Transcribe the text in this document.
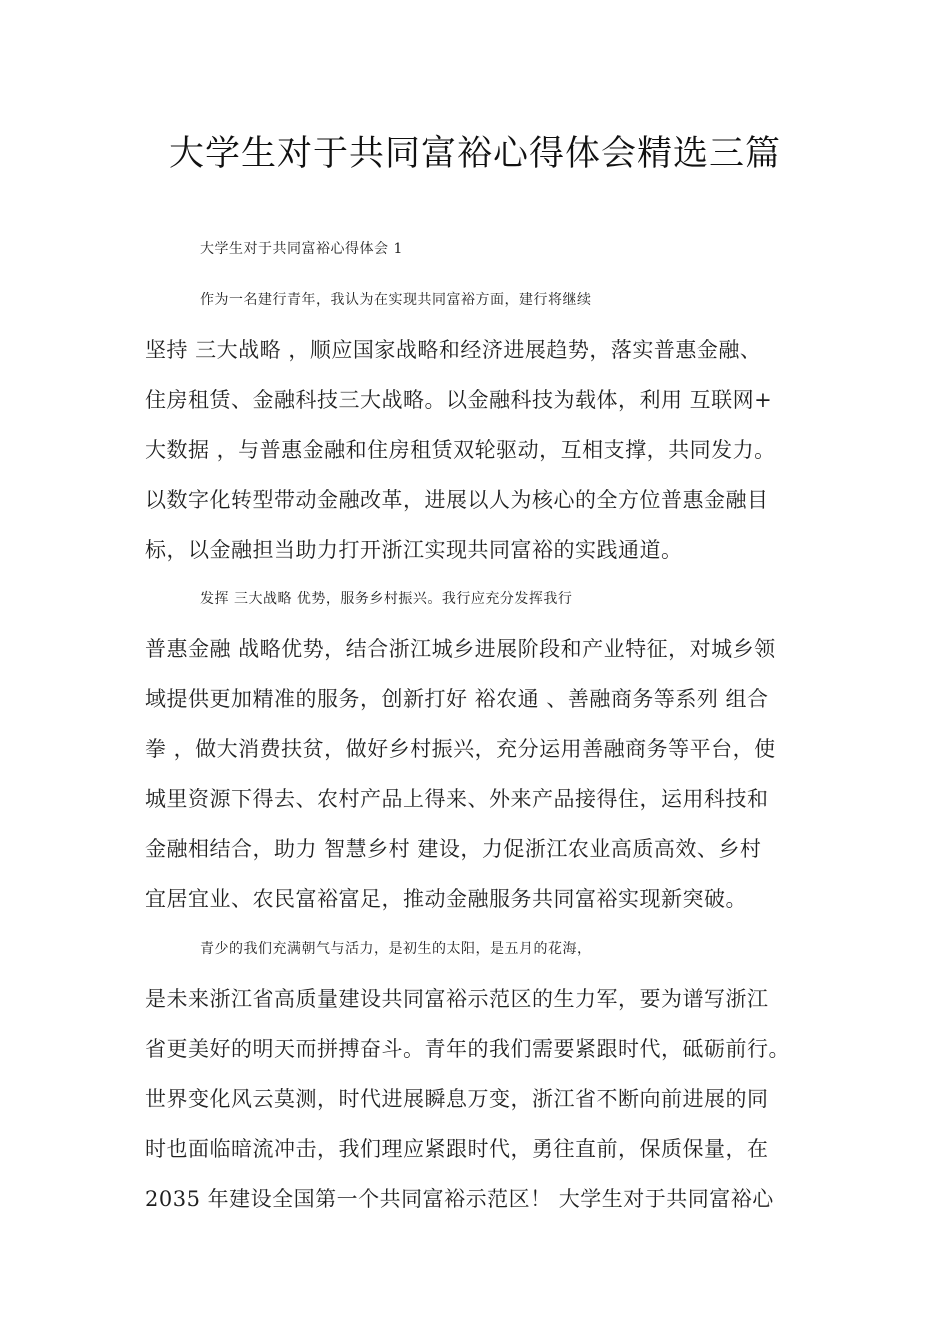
大学生对于共同富裕心得体会精选三篇
大学生对于共同富裕心得体会 1
作为一名建行青年，我认为在实现共同富裕方面，建行将继续
坚持 三大战略 ，顺应国家战略和经济进展趋势，落实普惠金融、
住房租赁、金融科技三大战略。以金融科技为载体，利用 互联网+
大数据 ，与普惠金融和住房租赁双轮驱动，互相支撑，共同发力。
以数字化转型带动金融改革，进展以人为核心的全方位普惠金融目
标，以金融担当助力打开浙江实现共同富裕的实践通道。
发挥 三大战略 优势，服务乡村振兴。我行应充分发挥我行
普惠金融 战略优势，结合浙江城乡进展阶段和产业特征，对城乡领
域提供更加精准的服务，创新打好 裕农通 、善融商务等系列 组合
拳 ，做大消费扶贫，做好乡村振兴，充分运用善融商务等平台，使
城里资源下得去、农村产品上得来、外来产品接得住，运用科技和
金融相结合，助力 智慧乡村 建设，力促浙江农业高质高效、乡村
宜居宜业、农民富裕富足，推动金融服务共同富裕实现新突破。
青少的我们充满朝气与活力，是初生的太阳，是五月的花海，
是未来浙江省高质量建设共同富裕示范区的生力军，要为谱写浙江
省更美好的明天而拼搏奋斗。青年的我们需要紧跟时代，砥砺前行。
世界变化风云莫测，时代进展瞬息万变，浙江省不断向前进展的同
时也面临暗流冲击，我们理应紧跟时代，勇往直前，保质保量，在
2035 年建设全国第一个共同富裕示范区！ 大学生对于共同富裕心
